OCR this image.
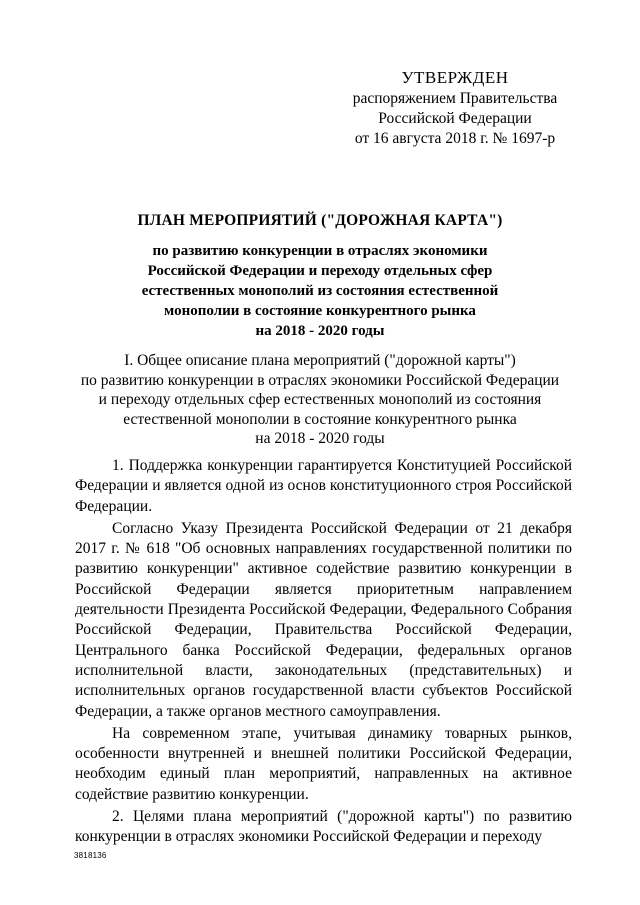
УТВЕРЖДЕН
распоряжением Правительства
Российской Федерации
от 16 августа 2018 г. № 1697-р
ПЛАН МЕРОПРИЯТИЙ ("ДОРОЖНАЯ КАРТА")
по развитию конкуренции в отраслях экономики
Российской Федерации и переходу отдельных сфер
естественных монополий из состояния естественной
монополии в состояние конкурентного рынка
на 2018 - 2020 годы
I. Общее описание плана мероприятий ("дорожной карты")
по развитию конкуренции в отраслях экономики Российской Федерации
и переходу отдельных сфер естественных монополий из состояния
естественной монополии в состояние конкурентного рынка
на 2018 - 2020 годы

1. Поддержка конкуренции гарантируется Конституцией Российской Федерации и является одной из основ конституционного строя Российской Федерации.

Согласно Указу Президента Российской Федерации от 21 декабря 2017 г. № 618 "Об основных направлениях государственной политики по развитию конкуренции" активное содействие развитию конкуренции в Российской Федерации является приоритетным направлением деятельности Президента Российской Федерации, Федерального Собрания Российской Федерации, Правительства Российской Федерации, Центрального банка Российской Федерации, федеральных органов исполнительной власти, законодательных (представительных) и исполнительных органов государственной власти субъектов Российской Федерации, а также органов местного самоуправления.

На современном этапе, учитывая динамику товарных рынков, особенности внутренней и внешней политики Российской Федерации, необходим единый план мероприятий, направленных на активное содействие развитию конкуренции.

2. Целями плана мероприятий ("дорожной карты") по развитию конкуренции в отраслях экономики Российской Федерации и переходу

3818136
